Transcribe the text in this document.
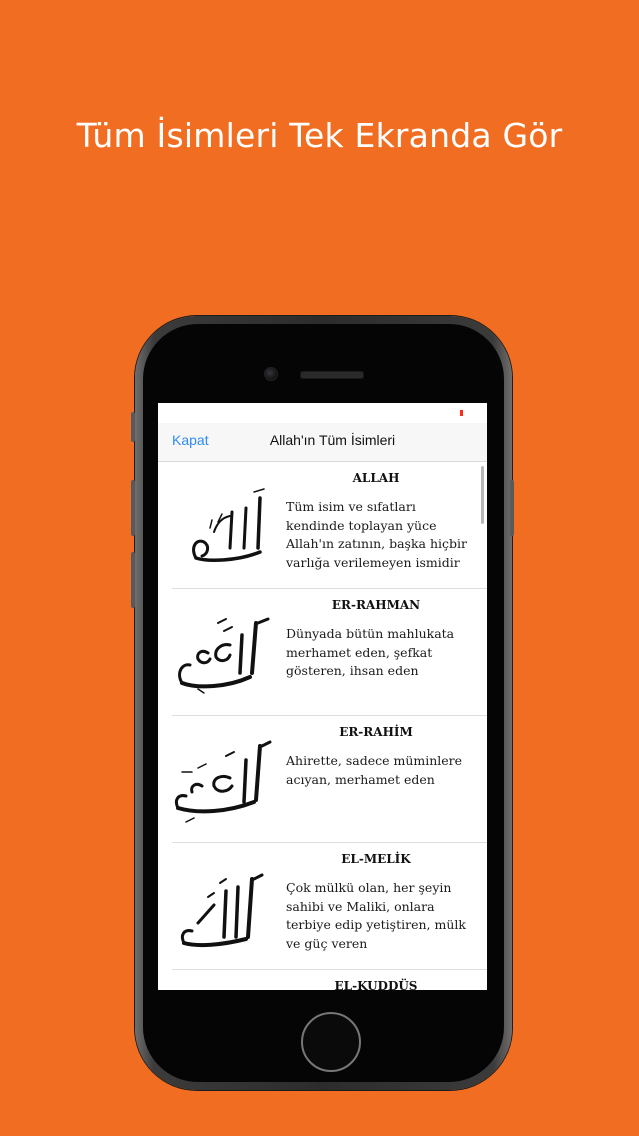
Tüm İsimleri Tek Ekranda Gör
Kapat	Allah'ın Tüm İsimleri
ALLAH
Tüm isim ve sıfatları kendinde toplayan yüce Allah'ın zatının, başka hiçbir varlığa verilemeyen ismidir
ER-RAHMAN
Dünyada bütün mahlukata merhamet eden, şefkat gösteren, ihsan eden
ER-RAHİM
Ahirette, sadece müminlere acıyan, merhamet eden
EL-MELİK
Çok mülkü olan, her şeyin sahibi ve Maliki, onlara terbiye edip yetiştiren, mülk ve güç veren
EL-KUDDÜS
